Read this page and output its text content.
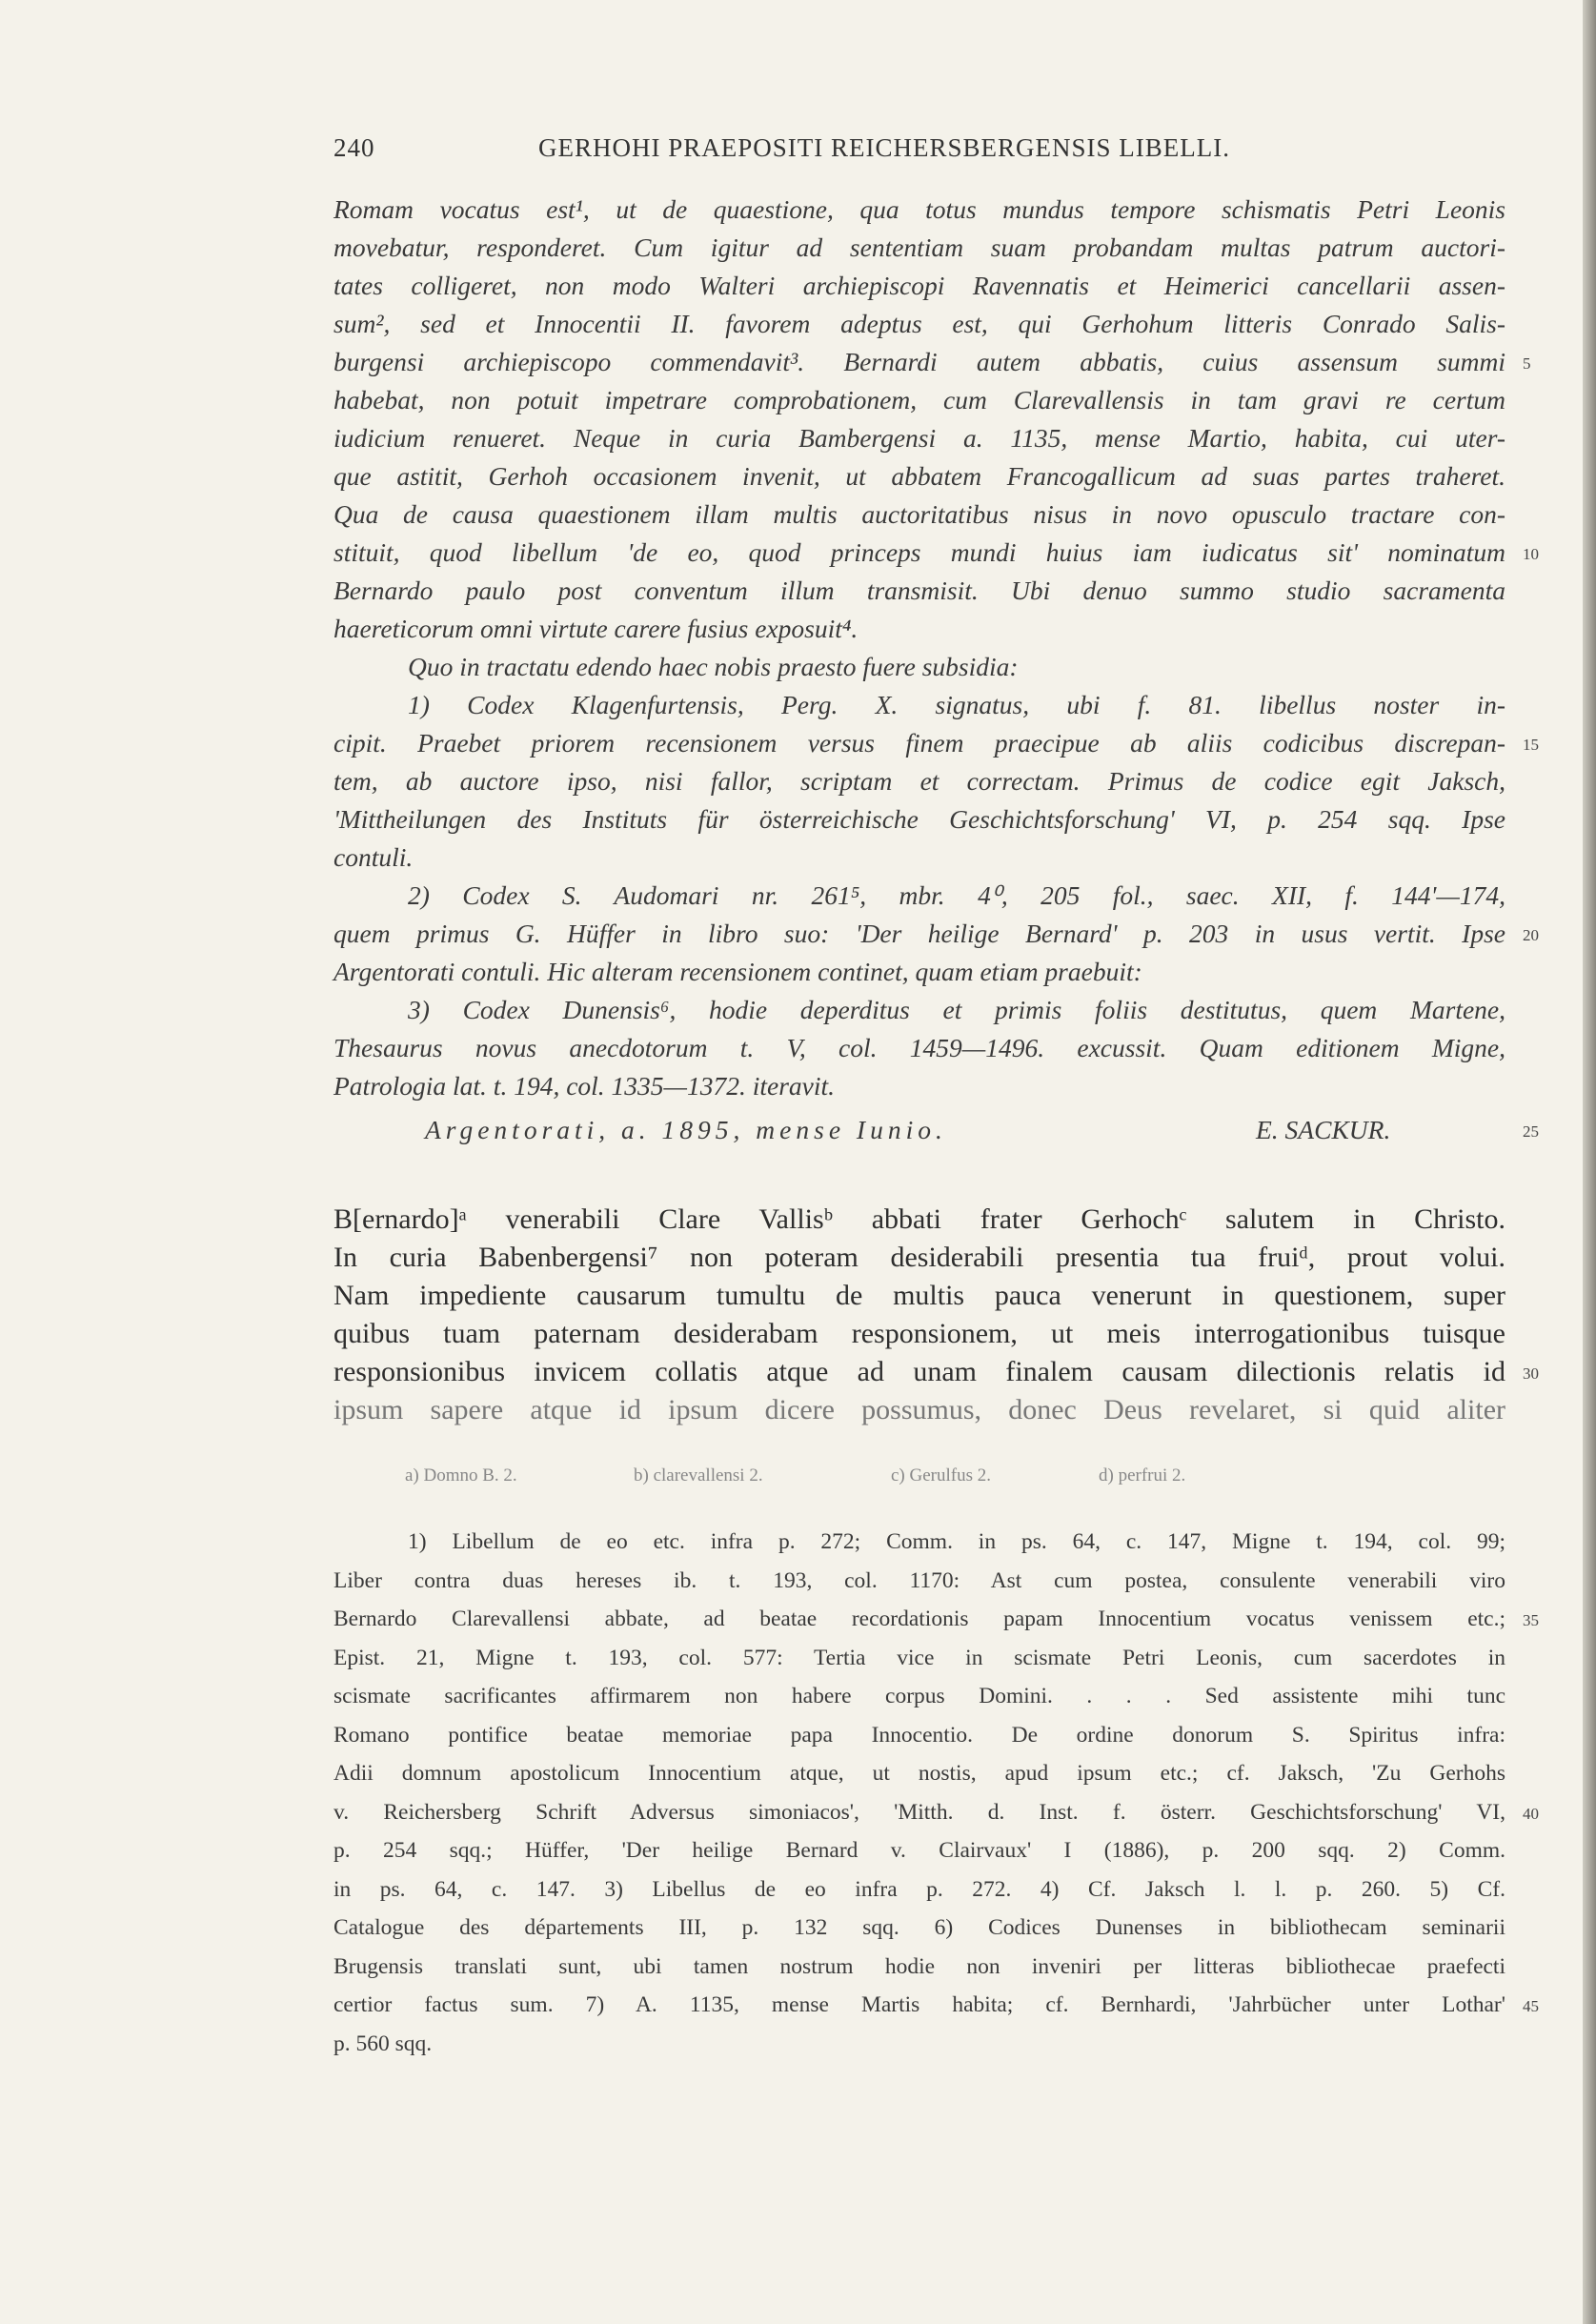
240	GERHOHI PRAEPOSITI REICHERSBERGENSIS LIBELLI.
Romam vocatus est¹, ut de quaestione, qua totus mundus tempore schismatis Petri Leonis
movebatur, responderet. Cum igitur ad sententiam suam probandam multas patrum auctori-
tates colligeret, non modo Walteri archiepiscopi Ravennatis et Heimerici cancellarii assen-
sum², sed et Innocentii II. favorem adeptus est, qui Gerhohum litteris Conrado Salis-
burgensi archiepiscopo commendavit³. Bernardi autem abbatis, cuius assensum summi 5
habebat, non potuit impetrare comprobationem, cum Clarevallensis in tam gravi re certum
iudicium renueret. Neque in curia Bambergensi a. 1135, mense Martio, habita, cui uter-
que astitit, Gerhoh occasionem invenit, ut abbatem Francogallicum ad suas partes traheret.
Qua de causa quaestionem illam multis auctoritatibus nisus in novo opusculo tractare con-
stituit, quod libellum 'de eo, quod princeps mundi huius iam iudicatus sit' nominatum 10
Bernardo paulo post conventum illum transmisit. Ubi denuo summo studio sacramenta
haereticorum omni virtute carere fusius exposuit⁴.
Quo in tractatu edendo haec nobis praesto fuere subsidia:
1) Codex Klagenfurtensis, Perg. X. signatus, ubi f. 81. libellus noster in-
cipit. Praebet priorem recensionem versus finem praecipue ab aliis codicibus discrepan- 15
tem, ab auctore ipso, nisi fallor, scriptam et correctam. Primus de codice egit Jaksch,
'Mittheilungen des Instituts für österreichische Geschichtsforschung' VI, p. 254 sqq. Ipse
contuli.
2) Codex S. Audomari nr. 261⁵, mbr. 4⁰, 205 fol., saec. XII, f. 144'—174,
quem primus G. Hüffer in libro suo: 'Der heilige Bernard' p. 203 in usus vertit. Ipse 20
Argentorati contuli. Hic alteram recensionem continet, quam etiam praebuit:
3) Codex Dunensis⁶, hodie deperditus et primis foliis destitutus, quem Martene,
Thesaurus novus anecdotorum t. V, col. 1459—1496. excussit. Quam editionem Migne,
Patrologia lat. t. 194, col. 1335—1372. iteravit.
Argentorati, a. 1895, mense Iunio.	E. SACKUR.	25
B[ernardo]ᵃ venerabili Clare Vallisᵇ abbati frater Gerhochᶜ salutem in Christo.
In curia Babenbergensi⁷ non poteram desiderabili presentia tua fruiᵈ, prout volui.
Nam impediente causarum tumultu de multis pauca venerunt in questionem, super
quibus tuam paternam desiderabam responsionem, ut meis interrogationibus tuisque
responsionibus invicem collatis atque ad unam finalem causam dilectionis relatis id 30
ipsum sapere atque id ipsum dicere possumus, donec Deus revelaret, si quid aliter
a) Domno B. 2.	b) clarevallensi 2.	c) Gerulfus 2.	d) perfrui 2.
1) Libellum de eo etc. infra p. 272; Comm. in ps. 64, c. 147, Migne t. 194, col. 99;
Liber contra duas hereses ib. t. 193, col. 1170: Ast cum postea, consulente venerabili viro
Bernardo Clarevallensi abbate, ad beatae recordationis papam Innocentium vocatus venissem etc.; 35
Epist. 21, Migne t. 193, col. 577: Tertia vice in scismate Petri Leonis, cum sacerdotes in
scismate sacrificantes affirmarem non habere corpus Domini. . . . Sed assistente mihi tunc
Romano pontifice beatae memoriae papa Innocentio. De ordine donorum S. Spiritus infra:
Adii domnum apostolicum Innocentium atque, ut nostis, apud ipsum etc.; cf. Jaksch, 'Zu Gerhohs
v. Reichersberg Schrift Adversus simoniacos', 'Mitth. d. Inst. f. österr. Geschichtsforschung' VI, 40
p. 254 sqq.; Hüffer, 'Der heilige Bernard v. Clairvaux' I (1886), p. 200 sqq. 2) Comm.
in ps. 64, c. 147. 3) Libellus de eo infra p. 272. 4) Cf. Jaksch l. l. p. 260. 5) Cf.
Catalogue des départements III, p. 132 sqq. 6) Codices Dunenses in bibliothecam seminarii
Brugensis translati sunt, ubi tamen nostrum hodie non inveniri per litteras bibliothecae praefecti
certior factus sum. 7) A. 1135, mense Martis habita; cf. Bernhardi, 'Jahrbücher unter Lothar' 45
p. 560 sqq.
